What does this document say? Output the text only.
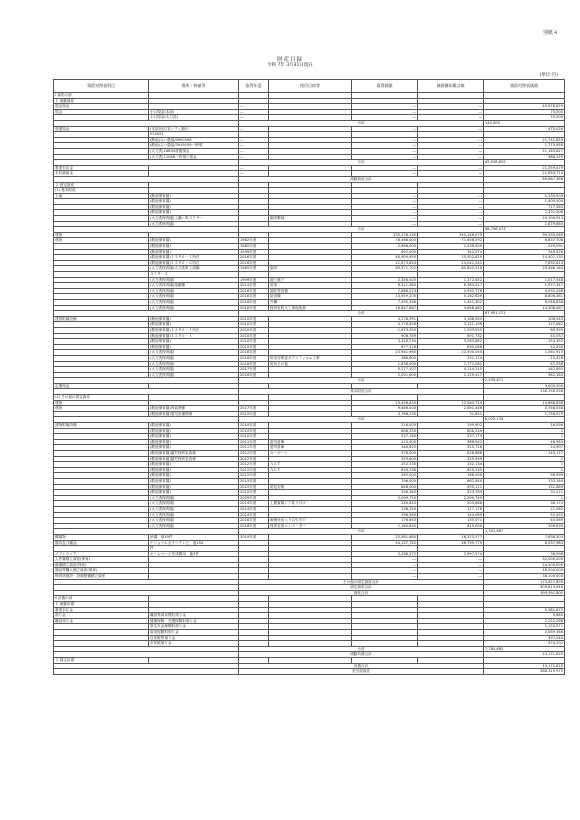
別紙４
財産目録
令和 7年 3月31日現在
(単位:円)
貸借対照表科目	場所・物量等	取得年度	使用目的等	取得価額	減価償却累計額	貸借対照表価額
Ⅰ 資産の部						
１ 流動資産						
現金預金		―		―	―	45,678,829
現金	小口現金(本部)	―		―	―	70,000
	小口現金(大刀洗)	―		―	―	70,000
		小計				140,000
普通預金	(本部)西日本シティ銀行	―		―	―	473,028
	010051					
	(勲他)みい農協/0900508	―		―	―	21,741,859
	(勲他)みい農協/3919109一時預	―		―	―	1,773,958
	(大刀洗)16694普通預金	―		―	―	21,163,827
	(大刀洗)12088一時預り預金	―		―	―	388,155
		小計				45,538,829
事業未収金		―		―	―	21,359,479
未収補助金		―		―	―	22,654,710
		流動資産合計				89,887,368
２ 固定資産						
(1) 基本財産						
土地	(勲他保育園)			―	―	1,135,909
	(勲他保育園)			―	―	1,404,500
	(勲他保育園)			―	―	717,583
	(勲他保育園)			―	―	2,132,908
	(大刀洗保育園)上瀬ヶ町５７９－		園舎敷地	―	―	29,100,913
	(大刀洗保育園)			―	―	1,679,860
		小計				36,796,473
建物				335,276,130	245,146,075	90,430,060
建物	(勲他保育園)	1982年度		78,466,000	71,658,292	6,837,708
	(勲他保育園)	1982年度		2,666,000	2,436,409	229,591
	(勲他保育園)	1999年度		692,000	342,574	349,426
	(勲他保育園)１５９６－１所在	2016年度		40,909,950	25,502,819	14,407,131
	(勲他保育園)１５９６－６所在	2016年度		21,673,854	14,041,041	7,632,813
	(大刀洗保育園)大刀洗町上高橋	1965年度	園舎	60,371,702	65,822,518	29,468,184
	５７９－２					
	(大刀洗保育園)	1999年度	渡り廊下	2,356,000	1,372,452	1,017,548
	(大刀洗保育園)遊戯棟	2014年度	浴室	8,311,364	6,384,017	1,927,347
	(大刀洗保育園)	2016年度	調乳等設備	7,868,074	2,932,776	4,935,298
	(大刀洗保育園)	2016年度	給食棟	13,959,200	5,162,629	8,806,381
	(大刀洗保育園)	2016年度	外構	7,495,346	1,441,302	6,048,838
	(大刀洗保育園)	2016年度	保育室防火工事他改修	16,657,867	4,648,482	14,308,487
		小計				87,951,271
建物附属設備	(勲他保育園)	2010年度		3,278,991	3,168,504	106,543
	(勲他保育園)	2010年度		3,278,858	3,121,196	157,662
	(勲他保育園)１５９６－１所在	2010年度		1,673,950	1,593,555	80,395
	(勲他保育園)１５９６－１	2010年度		906,789	891,732	45,057
	(勲他保育園)	2010年度		3,418,234	3,263,882	154,352
	(勲他保育園)	2010年度		877,378	835,088	42,290
	(大刀洗保育園)	2016年度		23,561,960	22,500,045	1,061,915
	(大刀洗保育園)	2016年度	防災対策窓ガラスフィルム工事	366,600	251,174	15,426
	(大刀洗保育園)	2016年度	防音その他	1,838,000	1,771,062	67,038
	(大刀洗保育園)	2017年度		5,277,107	4,114,215	162,892
	(大刀洗保育園)	2016年度		2,091,600	1,159,417	962,183
		小計				2,939,871
定期預金						3,000,000
		基本財産合計				136,156,556
(2) その他の固定資産						
建物				23,456,835	12,583,714	10,868,838
建物	(勲他保育園)内装関係	2017年度		9,646,000	2,891,446	5,758,556
	(勲他保育園)電気設備関係	2019年度		3,766,230	31,651	1,756,579
		小計				8,025,135
建物附属設備	(勲他保育園)	2010年度		216,000	199,902	16,098
	(勲他保育園)	2010年度		606,250	606,249	1
	(勲他保育園)	2010年度		537,180	537,179	1
	(勲他保育園)	2011年度	遊具倉庫	415,905	368,942	46,963
	(勲他保育園)	2011年度	遊具倉庫	346,625	315,718	24,907
	(勲他保育園)園児保育室改修	2012年度	カーポート	976,000	826,888	149,112
	(勲他保育園)園児保育室改修	2012年度		329,600	329,599	1
	(勲他保育園)	2012年度	ＡＬＴ	152,135	152,134	1
	(勲他保育園)	2012年度	ＡＬＴ	629,136	629,135	1
	(勲他保育園)	2015年度		265,000	168,000	96,999
	(勲他保育園)	2015年度		796,000	662,840	133,160
	(勲他保育園)	2015年度	防犯対策	648,000	495,111	152,889
	(勲他保育園)	2015年度		556,360	523,789	32,571
	(大刀洗保育園)	2009年度		2,099,750	2,099,749	1
	(大刀洗保育園)	2014年度	上履置場ドア取り付け	240,840	204,666	36,174
	(大刀洗保育園)	2014年度		138,240	117,178	21,062
	(大刀洗保育園)	2014年度		196,560	144,069	52,491
	(大刀洗保育園)	2016年度	事務所出入り口引き戸	176,640	135,071	45,569
	(大刀洗保育園)	2018年度	保育室用エレベーター	1,160,640	619,000	596,639
		小計				1,341,687
構築物	砂場　組19件	2019年度		22,581,880	16,373,577	7,638,303
器具及び備品	ナショナルカラーテレビ　他154			54,137,762	46,799,779	8,037,983
	件					
ソフトウェア	ホームページ作成費用　他3件			3,036,572	2,997,574	38,998
人件費積立資産(保育)				―	―	52,000,000
修繕積立資産(保育)				―	―	24,500,000
備品等購入積立資産(保育)				―	―	18,000,000
保育所施設・設備整備積立資産				―	―	38,100,000
		その他の固定資産合計				173,657,890
		固定資産合計				309,813,946
		資産合計				399,491,805
Ⅱ 負債の部						
１ 流動負債						
事業未払金						5,381,875
預り金	職員等源泉徴収預り金					5,665
職員預り金	健康保険・介護保険料預り金					2,252,288
	厚生年金保険料預り金					2,120,571
	雇用保険料預り金					2,569,368
	住民税等預り金					497,040
	市民税預り金					374,202
		小計				7,784,665
		流動負債合計				13,171,625
２ 固定負債						
		負債合計				13,171,625
		差引純資産				386,319,975
